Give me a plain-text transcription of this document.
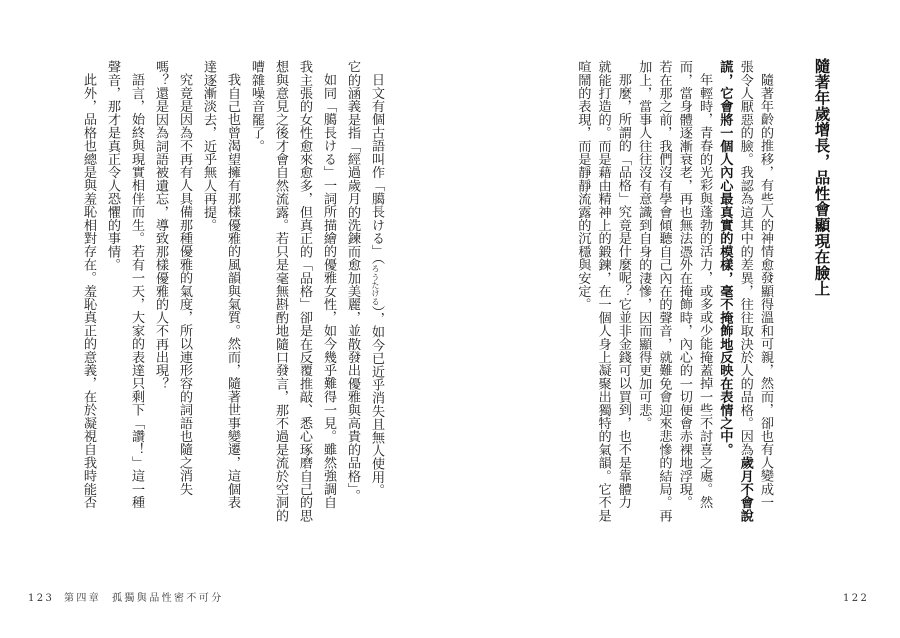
隨著年歲增長，品性會顯現在臉上
122
隨著年齡的推移，有些人的神情愈發顯得溫和可親，然而，卻也有人變成一
張令人厭惡的臉。我認為這其中的差異，往往取決於人的品格。因為歲月不會說
謊，它會將一個人內心最真實的模樣，毫不掩飾地反映在表情之中。
年輕時，青春的光彩與蓬勃的活力，或多或少能掩蓋掉一些不討喜之處。然
而，當身體逐漸衰老，再也無法憑外在掩飾時，內心的一切便會赤裸地浮現。
若在那之前，我們沒有學會傾聽自己內在的聲音，就難免會迎來悲慘的結局。再
加上，當事人往往沒有意識到自身的淒慘，因而顯得更加可悲。
那麼，所謂的「品格」究竟是什麼呢？它並非金錢可以買到，也不是靠體力
就能打造的。而是藉由精神上的鍛鍊，在一個人身上凝聚出獨特的氣韻。它不是
喧鬧的表現，而是靜靜流露的沉穩與安定。
123 第四章 孤獨與品性密不可分
日文有個古語叫作「臈長ける」（ろうたける），如今已近乎消失且無人使用。
它的涵義是指「經過歲月的洗鍊而愈加美麗，並散發出優雅與高貴的品格」。
如同「臈長ける」一詞所描繪的優雅女性，如今幾乎難得一見。雖然強調自
我主張的女性愈來愈多，但真正的「品格」卻是在反覆推敲、悉心琢磨自己的思
想與意見之後才會自然流露。若只是毫無斟酌地隨口發言，那不過是流於空洞的
嘈雜噪音罷了。
我自己也曾渴望擁有那樣優雅的風韻與氣質。然而，隨著世事變遷，這個表
達逐漸淡去，近乎無人再提。
究竟是因為不再有人具備那種優雅的氣度，所以連形容的詞語也隨之消失
嗎？還是因為詞語被遺忘，導致那樣優雅的人不再出現？
語言，始終與現實相伴而生。若有一天，大家的表達只剩下「讚！」這一種
聲音，那才是真正令人恐懼的事情。
此外，品格也總是與羞恥相對存在。羞恥真正的意義，在於凝視自我時能否
